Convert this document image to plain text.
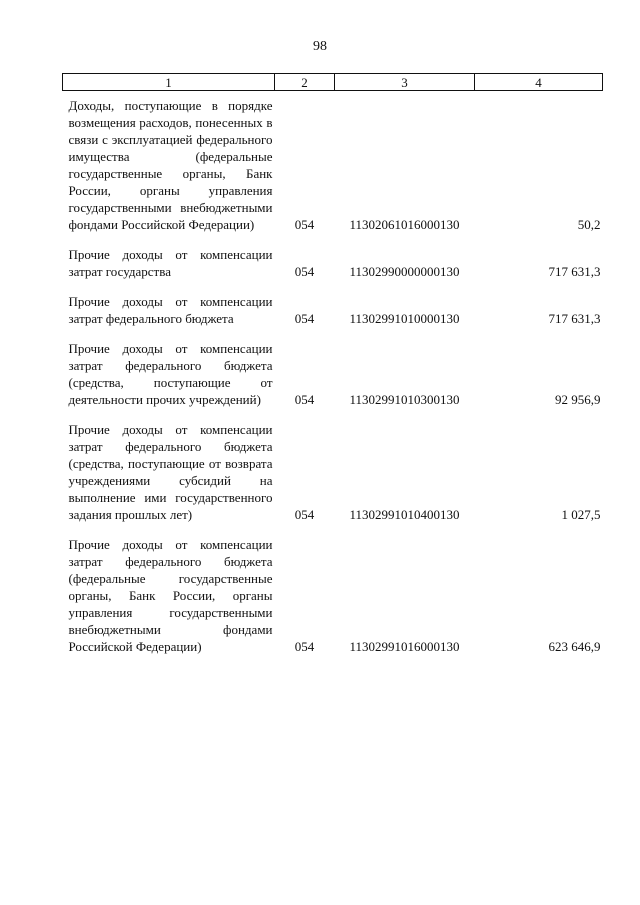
98
1	2	3	4
Доходы, поступающие в порядке возмещения расходов, понесенных в связи с эксплуатацией федерального имущества (федеральные государственные органы, Банк России, органы управления государственными внебюджетными фондами Российской Федерации)	054	11302061016000130	50,2
Прочие доходы от компенсации затрат государства	054	11302990000000130	717 631,3
Прочие доходы от компенсации затрат федерального бюджета	054	11302991010000130	717 631,3
Прочие доходы от компенсации затрат федерального бюджета (средства, поступающие от деятельности прочих учреждений)	054	11302991010300130	92 956,9
Прочие доходы от компенсации затрат федерального бюджета (средства, поступающие от возврата учреждениями субсидий на выполнение ими государственного задания прошлых лет)	054	11302991010400130	1 027,5
Прочие доходы от компенсации затрат федерального бюджета (федеральные государственные органы, Банк России, органы управления государственными внебюджетными фондами Российской Федерации)	054	11302991016000130	623 646,9
